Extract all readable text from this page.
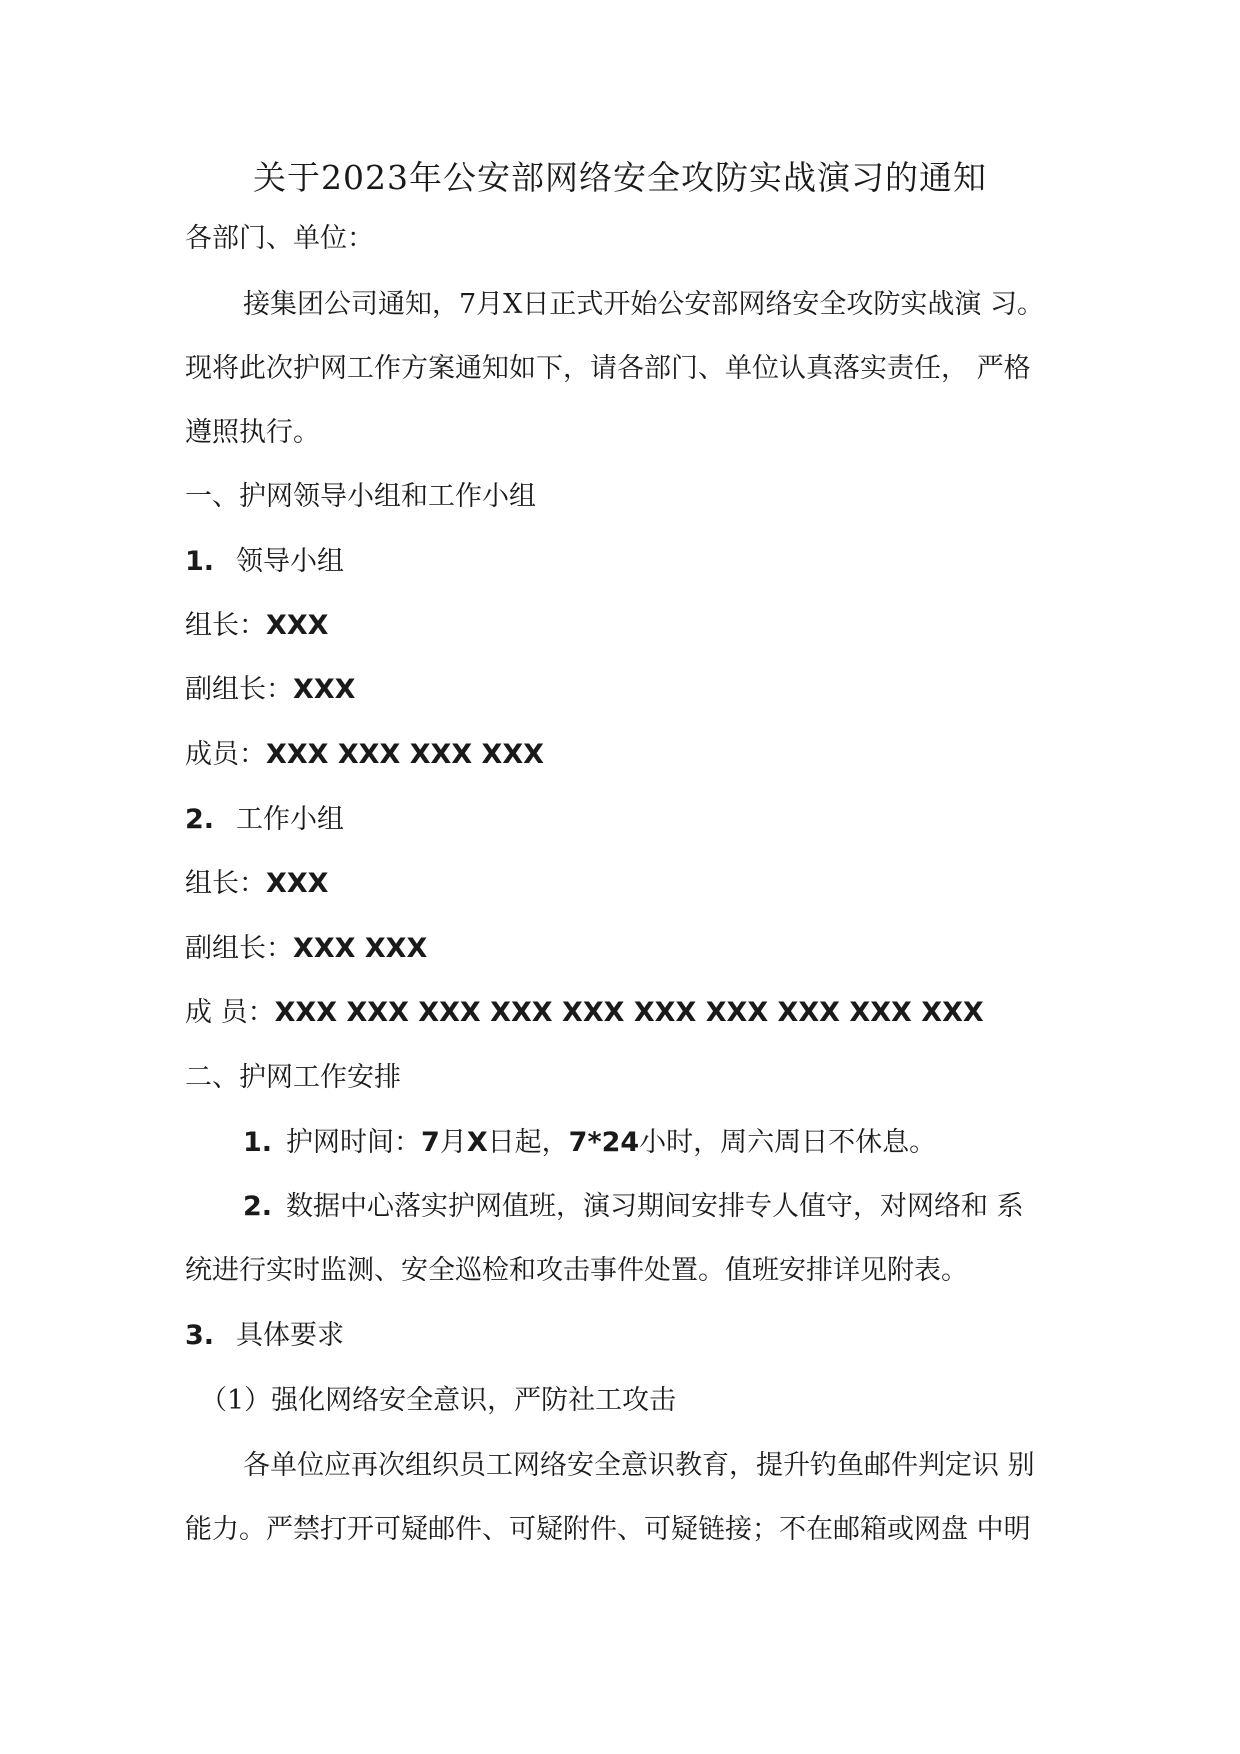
关于2023年公安部网络安全攻防实战演习的通知
各部门、单位：
接集团公司通知，7月X日正式开始公安部网络安全攻防实战演 习。
现将此次护网工作方案通知如下，请各部门、单位认真落实责任， 严格
遵照执行。
一、护网领导小组和工作小组
1. 领导小组
组长：XXX
副组长：XXX
成员：XXX XXX XXX XXX
2. 工作小组
组长：XXX
副组长：XXX XXX
成 员：XXX XXX XXX XXX XXX XXX XXX XXX XXX XXX
二、护网工作安排
1. 护网时间：7月X日起，7*24小时，周六周日不休息。
2. 数据中心落实护网值班，演习期间安排专人值守，对网络和 系
统进行实时监测、安全巡检和攻击事件处置。值班安排详见附表。
3. 具体要求
（1）强化网络安全意识，严防社工攻击
各单位应再次组织员工网络安全意识教育，提升钓鱼邮件判定识 别
能力。严禁打开可疑邮件、可疑附件、可疑链接；不在邮箱或网盘 中明
